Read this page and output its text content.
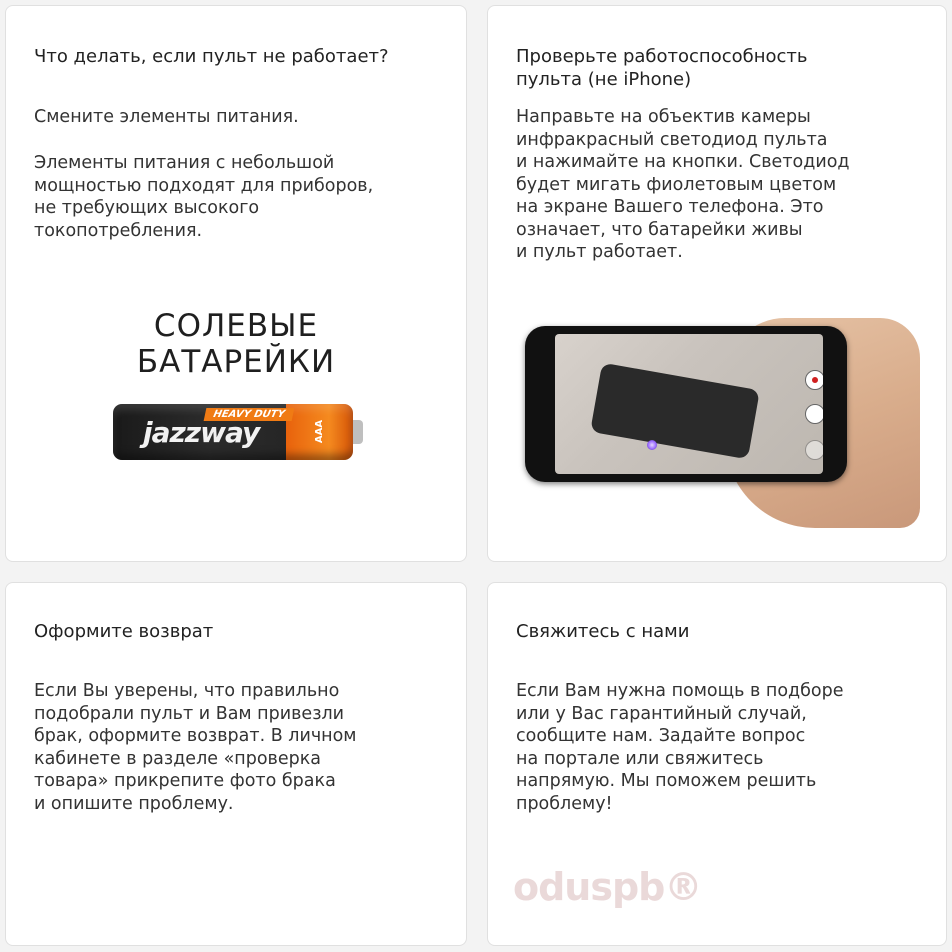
Что делать, если пульт не работает?
Смените элементы питания.
Элементы питания с небольшой
мощностью подходят для приборов,
не требующих высокого
токопотребления.
СОЛЕВЫЕ
БАТАРЕЙКИ
HEAVY DUTY
jazzway	AAA
Проверьте работоспособность
пульта (не iPhone)
Направьте на объектив камеры
инфракрасный светодиод пульта
и нажимайте на кнопки. Светодиод
будет мигать фиолетовым цветом
на экране Вашего телефона. Это
означает, что батарейки живы
и пульт работает.
Оформите возврат
Если Вы уверены, что правильно
подобрали пульт и Вам привезли
брак, оформите возврат. В личном
кабинете в разделе «проверка
товара» прикрепите фото брака
и опишите проблему.
Свяжитесь с нами
Если Вам нужна помощь в подборе
или у Вас гарантийный случай,
сообщите нам. Задайте вопрос
на портале или свяжитесь
напрямую. Мы поможем решить
проблему!
oduspb®
